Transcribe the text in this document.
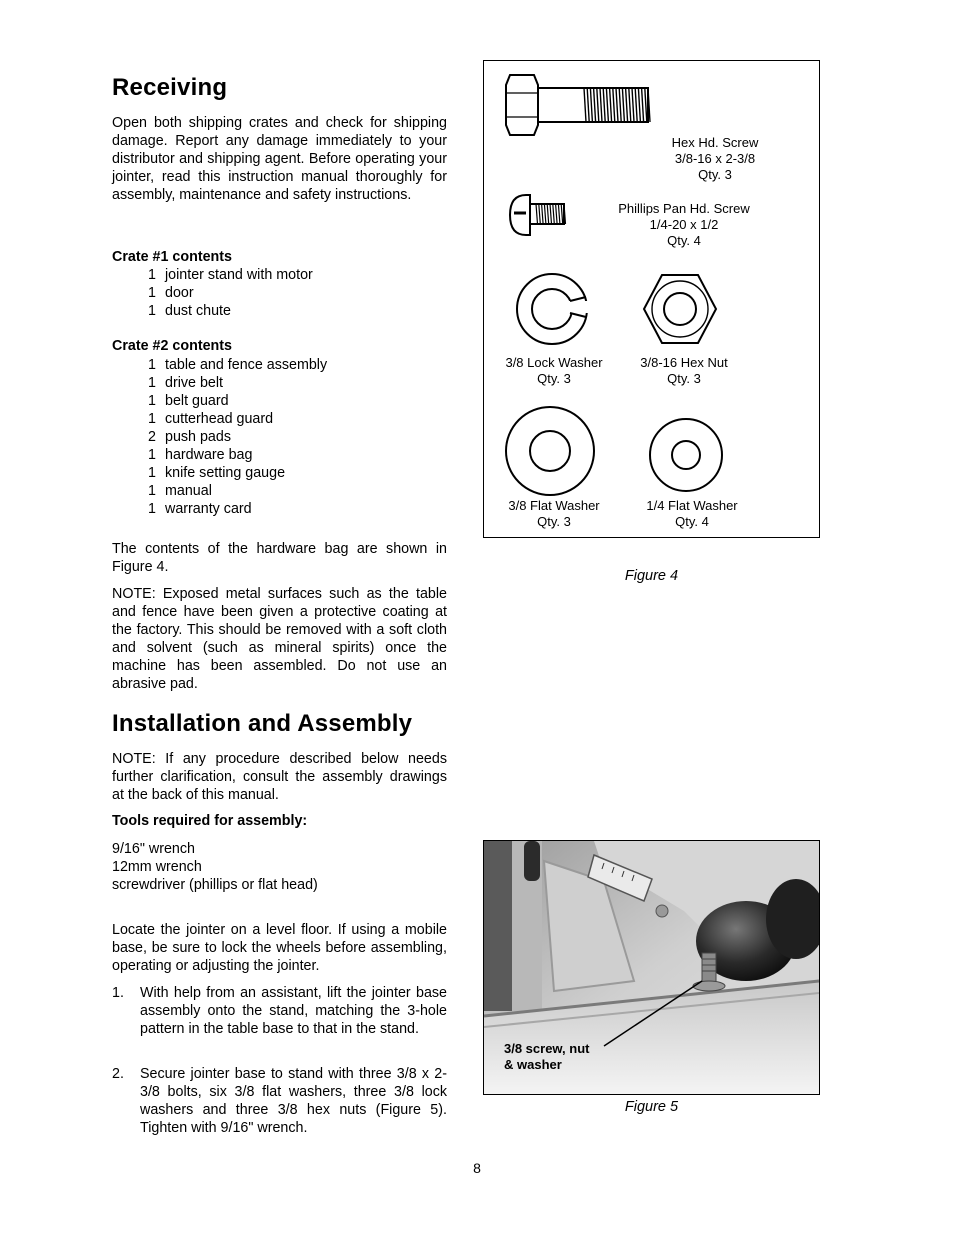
Receiving
Open both shipping crates and check for shipping damage. Report any damage immediately to your distributor and shipping agent. Before operating your jointer, read this instruction manual thoroughly for assembly, maintenance and safety instructions.
Crate #1 contents
1 jointer stand with motor
1 door
1 dust chute
Crate #2 contents
1 table and fence assembly
1 drive belt
1 belt guard
1 cutterhead guard
2 push pads
1 hardware bag
1 knife setting gauge
1 manual
1 warranty card
The contents of the hardware bag are shown in Figure 4.
NOTE: Exposed metal surfaces such as the table and fence have been given a protective coating at the factory. This should be removed with a soft cloth and solvent (such as mineral spirits) once the machine has been assembled. Do not use an abrasive pad.
Installation and Assembly
NOTE: If any procedure described below needs further clarification, consult the assembly drawings at the back of this manual.
Tools required for assembly:
9/16" wrench
12mm wrench
screwdriver (phillips or flat head)
Locate the jointer on a level floor. If using a mobile base, be sure to lock the wheels before assembling, operating or adjusting the jointer.
1.	With help from an assistant, lift the jointer base assembly onto the stand, matching the 3-hole pattern in the table base to that in the stand.
2.	Secure jointer base to stand with three 3/8 x 2-3/8 bolts, six 3/8 flat washers, three 3/8 lock washers and three 3/8 hex nuts (Figure 5). Tighten with 9/16" wrench.
Hex Hd. Screw
3/8-16 x 2-3/8
Qty. 3
Phillips Pan Hd. Screw
1/4-20 x 1/2
Qty. 4
3/8 Lock Washer
Qty. 3
3/8-16 Hex Nut
Qty. 3
3/8 Flat Washer
Qty. 3
1/4 Flat Washer
Qty. 4
Figure 4
3/8 screw, nut
& washer
Figure 5
8
